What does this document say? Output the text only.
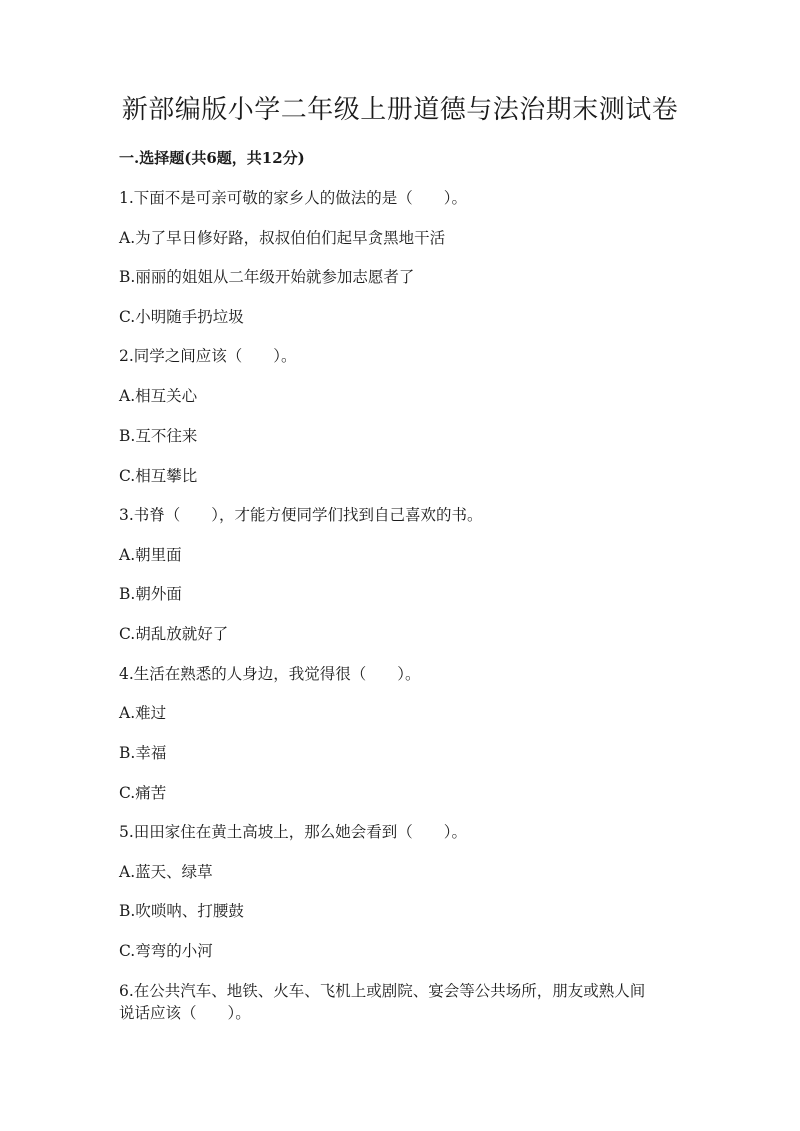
新部编版小学二年级上册道德与法治期末测试卷
一.选择题(共6题，共12分)
1.下面不是可亲可敬的家乡人的做法的是（　　）。
A.为了早日修好路，叔叔伯伯们起早贪黑地干活
B.丽丽的姐姐从二年级开始就参加志愿者了
C.小明随手扔垃圾
2.同学之间应该（　　）。
A.相互关心
B.互不往来
C.相互攀比
3.书脊（　　），才能方便同学们找到自己喜欢的书。
A.朝里面
B.朝外面
C.胡乱放就好了
4.生活在熟悉的人身边，我觉得很（　　）。
A.难过
B.幸福
C.痛苦
5.田田家住在黄土高坡上，那么她会看到（　　）。
A.蓝天、绿草
B.吹唢呐、打腰鼓
C.弯弯的小河
6.在公共汽车、地铁、火车、飞机上或剧院、宴会等公共场所，朋友或熟人间
说话应该（　　）。
